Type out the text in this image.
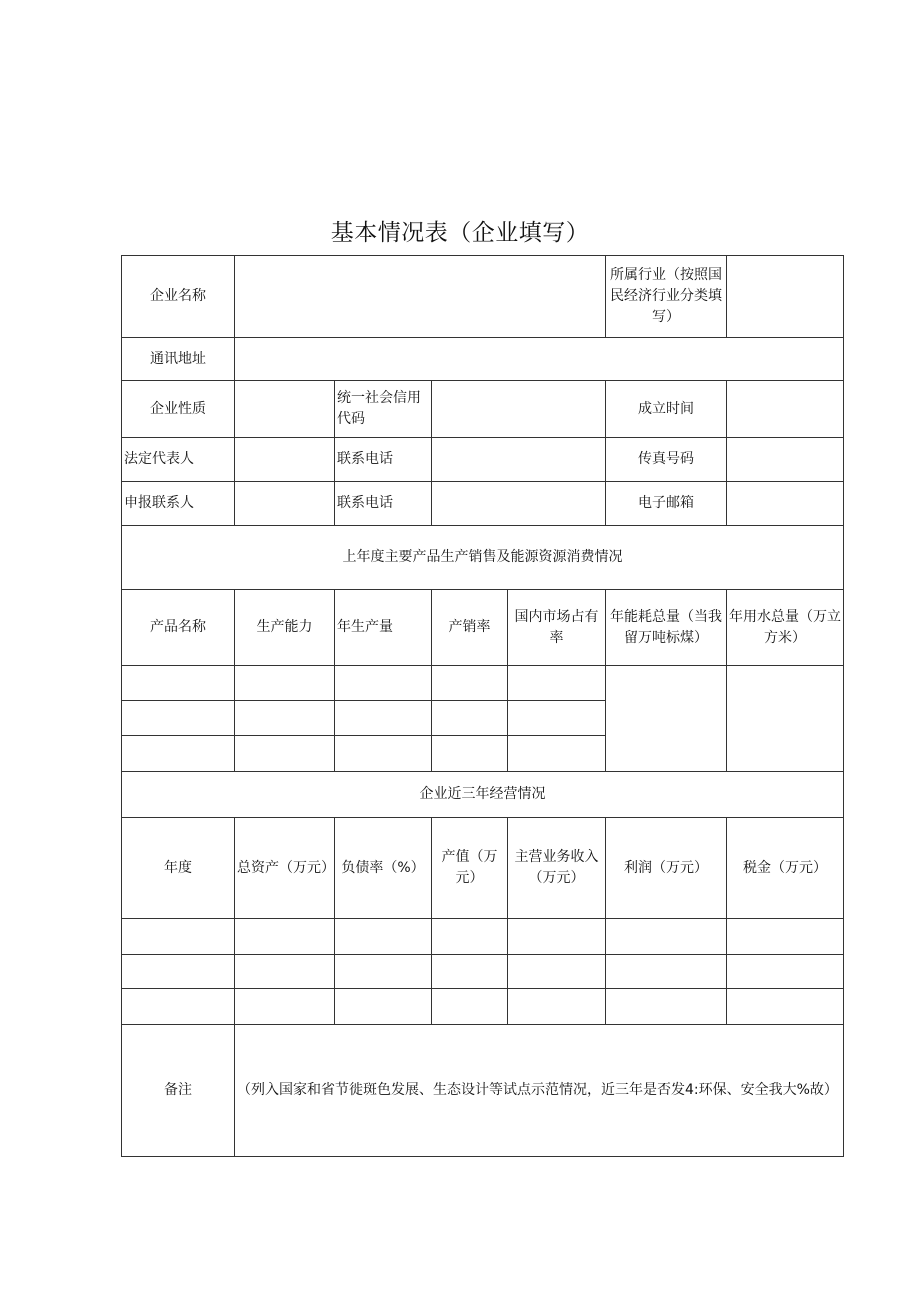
基本情况表（企业填写）
企业名称					所属行业（按照国民经济行业分类填写）	
通讯地址						
企业性质		统一社会信用代码			成立时间	
法定代表人		联系电话			传真号码	
申报联系人		联系电话			电子邮箱	
上年度主要产品生产销售及能源资源消费情况						
产品名称	生产能力	年生产量	产销率	国内市场占有率	年能耗总量（当我留万吨标煤）	年用水总量（万立方米）

企业近三年经营情况						
年度	总资产（万元）	负债率（%）	产值（万元）	主营业务收入（万元）	利润（万元）	税金（万元）

备注	（列入国家和省节徙斑色发展、生态设计等试点示范情况，近三年是否发4:环保、安全我大%故）					
